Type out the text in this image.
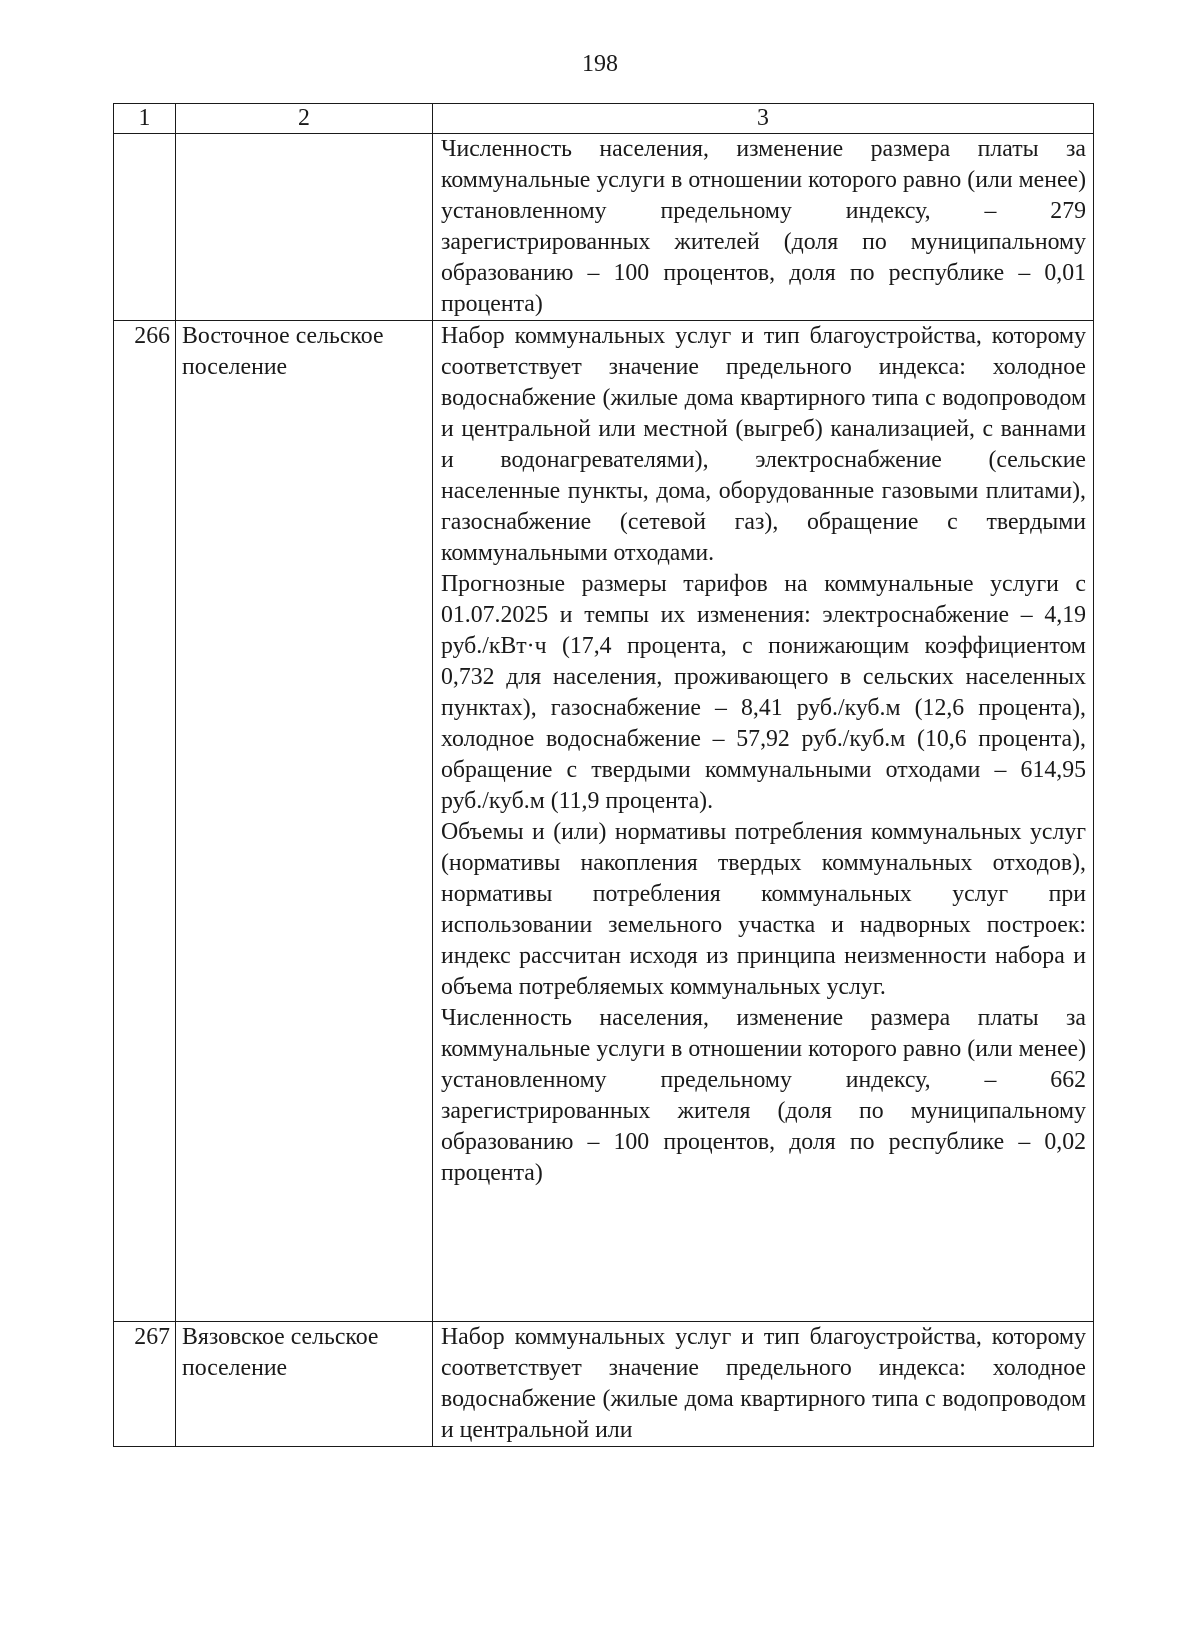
198
1	2	3

		Численность населения, изменение размера платы за коммунальные услуги в отношении которого равно (или менее) установленному предельному индексу, – 279 зарегистрированных жителей (доля по муниципальному образованию – 100 процентов, доля по республике – 0,01 процента)

266	Восточное сельское поселение	Набор коммунальных услуг и тип благоустройства, которому соответствует значение предельного индекса: холодное водоснабжение (жилые дома квартирного типа с водопроводом и центральной или местной (выгреб) канализацией, с ваннами и водонагревателями), электроснабжение (сельские населенные пункты, дома, оборудованные газовыми плитами), газоснабжение (сетевой газ), обращение с твердыми коммунальными отходами.

Прогнозные размеры тарифов на коммунальные услуги с 01.07.2025 и темпы их изменения: электроснабжение – 4,19 руб./кВт·ч (17,4 процента, с понижающим коэффициентом 0,732 для населения, проживающего в сельских населенных пунктах), газоснабжение – 8,41 руб./куб.м (12,6 процента), холодное водоснабжение – 57,92 руб./куб.м (10,6 процента), обращение с твердыми коммунальными отходами – 614,95 руб./куб.м (11,9 процента).

Объемы и (или) нормативы потребления коммунальных услуг (нормативы накопления твердых коммунальных отходов), нормативы потребления коммунальных услуг при использовании земельного участка и надворных построек: индекс рассчитан исходя из принципа неизменности набора и объема потребляемых коммунальных услуг.

Численность населения, изменение размера платы за коммунальные услуги в отношении которого равно (или менее) установленному предельному индексу, – 662 зарегистрированных жителя (доля по муниципальному образованию – 100 процентов, доля по республике – 0,02 процента)

267	Вязовское сельское поселение	Набор коммунальных услуг и тип благоустройства, которому соответствует значение предельного индекса: холодное водоснабжение (жилые дома квартирного типа с водопроводом и центральной или
